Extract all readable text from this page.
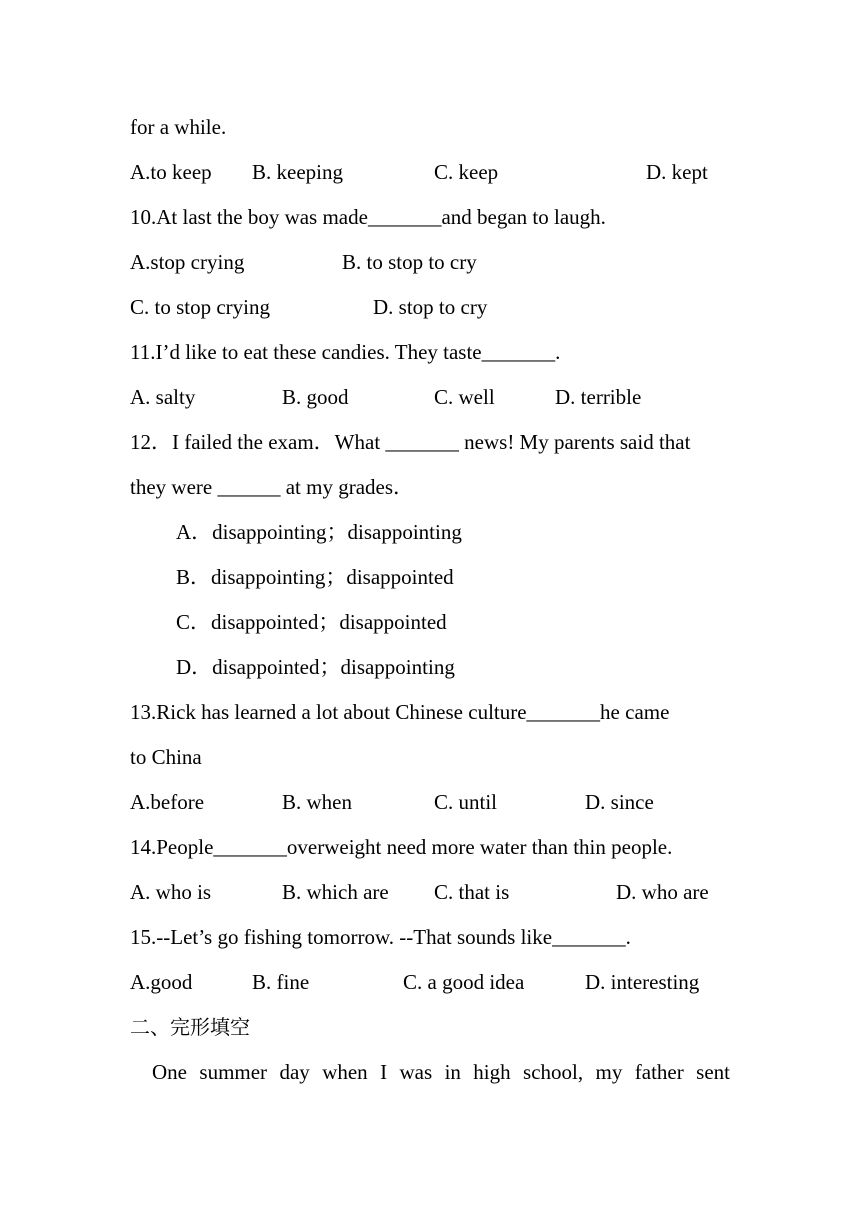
for a while.
A.to keep B. keeping	C. keep	D. kept
10.At last the boy was made_______and began to laugh.
A.stop crying	B. to stop to cry
C. to stop crying	D. stop to cry
11.I’d like to eat these candies. They taste_______.
A. salty	B. good	C. well	D. terrible
12．I failed the exam．What _______ news! My parents said that
they were ______ at my grades．
A．disappointing；disappointing
B．disappointing；disappointed
C．disappointed；disappointed
D．disappointed；disappointing
13.Rick has learned a lot about Chinese culture_______he came
to China
A.before	B. when	C. until	D. since
14.People_______overweight need more water than thin people.
A. who is	B. which are C. that is	D. who are
15.--Let’s go fishing tomorrow. --That sounds like_______.
A.good	B. fine	C. a good idea	D. interesting
二、完形填空
One summer day when I was in high school, my father sent
